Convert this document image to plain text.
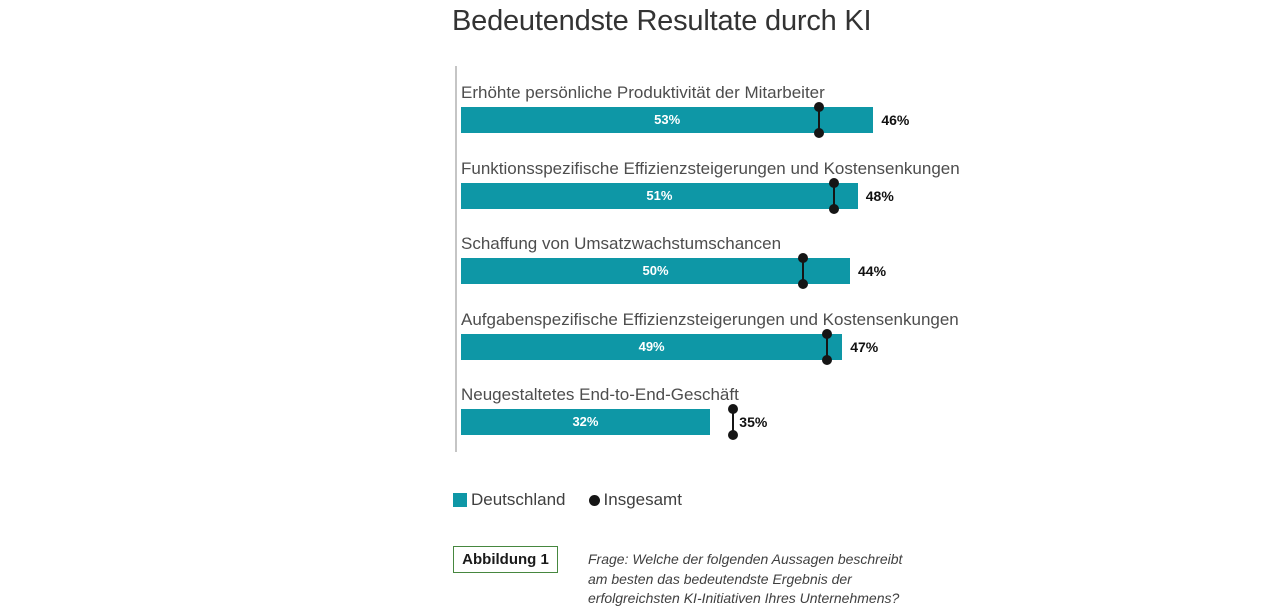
Bedeutendste Resultate durch KI
Erhöhte persönliche Produktivität der Mitarbeiter
53%	46%
Funktionsspezifische Effizienzsteigerungen und Kostensenkungen
51%	48%
Schaffung von Umsatzwachstumschancen
50%	44%
Aufgabenspezifische Effizienzsteigerungen und Kostensenkungen
49%	47%
Neugestaltetes End-to-End-Geschäft
32%	35%
Deutschland Insgesamt
Abbildung 1	Frage: Welche der folgenden Aussagen beschreibt am besten das bedeutendste Ergebnis der erfolgreichsten KI-Initiativen Ihres Unternehmens?
